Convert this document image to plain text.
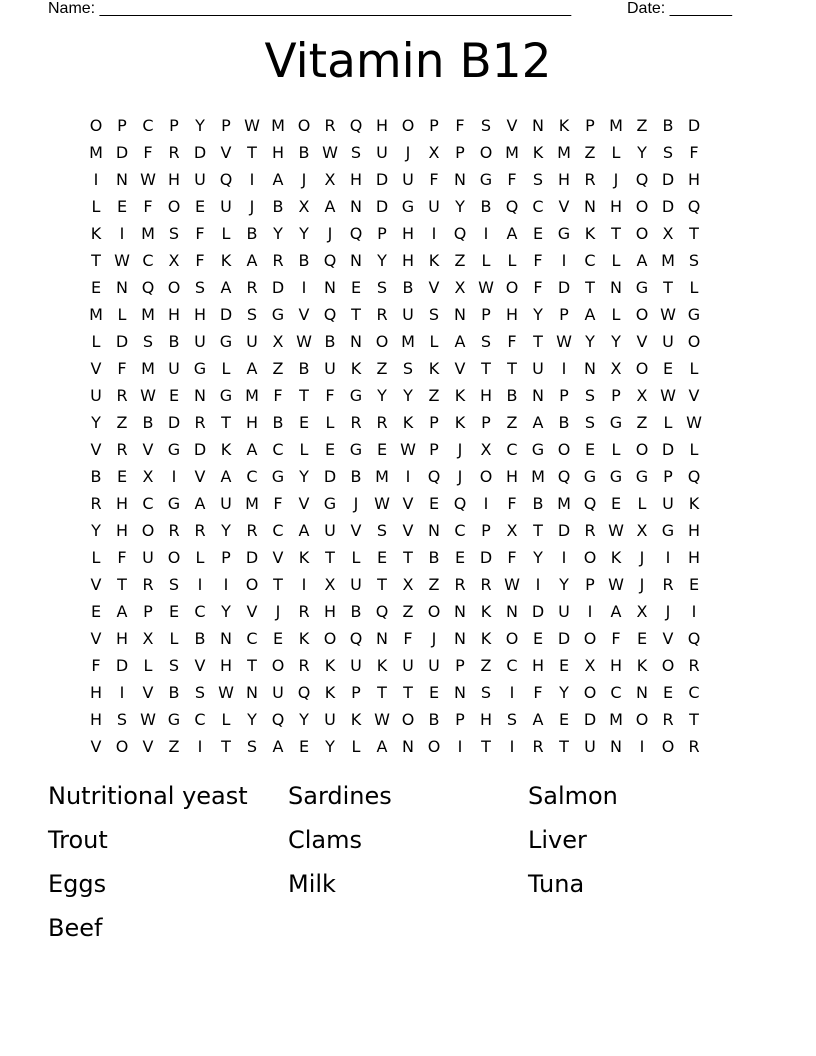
Name: _____________________________________________________	Date: _______
Vitamin B12
O P C P	Y	P W M O R Q H O P	F	S V N K P M Z B D
M D F R D V T H B W S U	J	X P O M K M Z	L	Y	S	F
I	N W H U Q	I	A	J	X H D U F N G F	S H R	J	Q D H
L	E	F O E U	J	B X A N D G U Y B Q C V N H O D Q
K	I	M S	F	L	B Y	Y	J	Q P H	I	Q	I	A E G K T O X T
T W C X F	K A R B Q N Y H K Z	L	L	F	I	C L	A M S
E N Q O S A R D	I	N E S B V X W O F D T N G T	L
M L M H H D S G V Q T R U S N P H Y	P A	L O W G
L D S B U G U X W B N O M L	A S	F	T W Y	Y V U O
V F M U G L	A Z B U K Z S K V T	T U	I	N X O E	L
U R W E N G M F	T	F G Y	Y Z K H B N P	S	P X W V
Y Z B D R T H B E	L R R K P K P Z A B S G Z	L W
V R V G D K A C L	E G E W P	J	X C G O E	L O D L
B E X	I	V A C G Y D B M	I	Q	J	O H M Q G G G P Q
R H C G A U M F V G	J W V E Q	I	F B M Q E	L U K
Y H O R R Y R C A U V S V N C P X T D R W X G H
L	F U O L	P D V K T	L	E	T B E D F	Y	I	O K	J	I	H
V T R S	I	I	O T	I	X U T X Z R R W I	Y	P W J	R E
E A P	E C Y V	J	R H B Q Z O N K N D U	I	A X	J	I
V H X	L	B N C E K O Q N F	J	N K O E D O F	E V Q
F D L	S V H T O R K U K U U P Z C H E X H K O R
H	I	V B S W N U Q K P	T	T	E N S	I	F	Y O C N E C
H S W G C L	Y Q Y U K W O B P H S A E D M O R T
V O V Z	I	T	S A E	Y	L	A N O	I	T	I	R T U N	I	O R
Nutritional yeast	Sardines	Salmon
Trout	Clams	Liver
Eggs	Milk	Tuna
Beef
